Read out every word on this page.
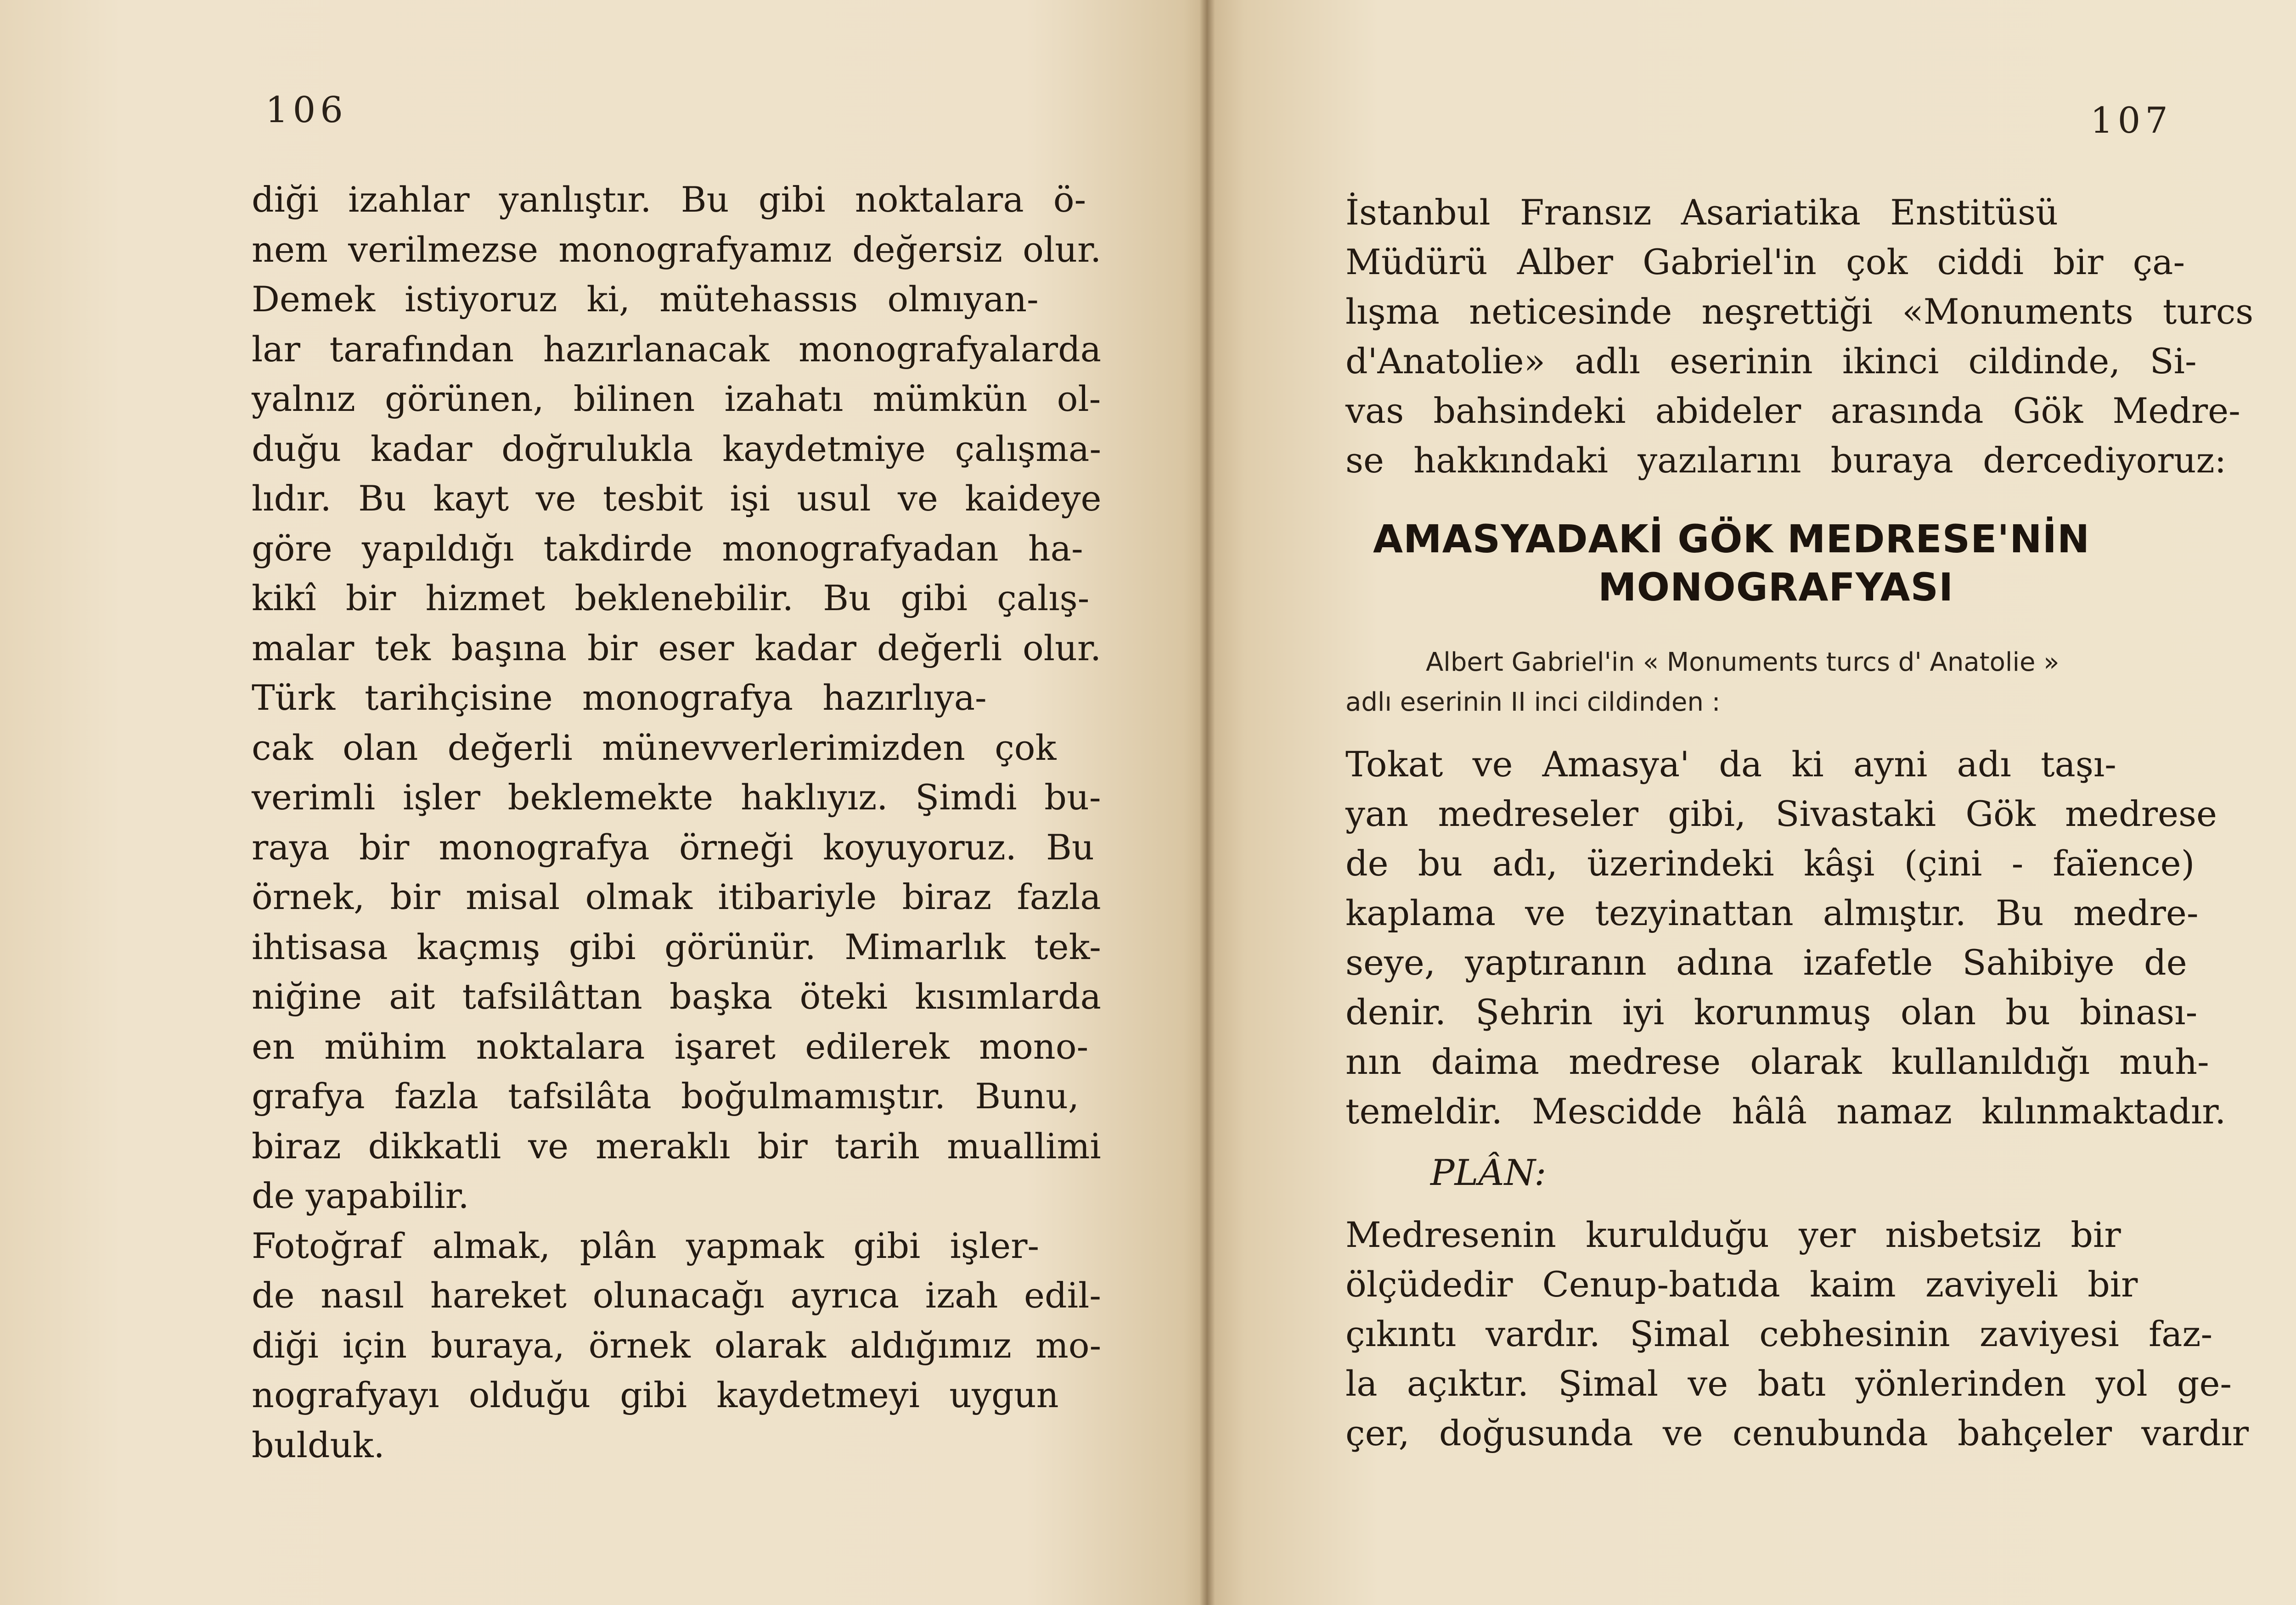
106
diği izahlar yanlıştır. Bu gibi noktalara ö-
nem verilmezse monografyamız değersiz olur.
Demek istiyoruz ki, mütehassıs olmıyan-
lar tarafından hazırlanacak monografyalarda
yalnız görünen, bilinen izahatı mümkün ol-
duğu kadar doğrulukla kaydetmiye çalışma-
lıdır. Bu kayt ve tesbit işi usul ve kaideye
göre yapıldığı takdirde monografyadan ha-
kikî bir hizmet beklenebilir. Bu gibi çalış-
malar tek başına bir eser kadar değerli olur.
Türk tarihçisine monografya hazırlıya-
cak olan değerli münevverlerimizden çok
verimli işler beklemekte haklıyız. Şimdi bu-
raya bir monografya örneği koyuyoruz. Bu
örnek, bir misal olmak itibariyle biraz fazla
ihtisasa kaçmış gibi görünür. Mimarlık tek-
niğine ait tafsilâttan başka öteki kısımlarda
en mühim noktalara işaret edilerek mono-
grafya fazla tafsilâta boğulmamıştır. Bunu,
biraz dikkatli ve meraklı bir tarih muallimi
de yapabilir.
Fotoğraf almak, plân yapmak gibi işler-
de nasıl hareket olunacağı ayrıca izah edil-
diği için buraya, örnek olarak aldığımız mo-
nografyayı olduğu gibi kaydetmeyi uygun
bulduk.
107
İstanbul Fransız Asariatika Enstitüsü
Müdürü Alber Gabriel'in çok ciddi bir ça-
lışma neticesinde neşrettiği «Monuments turcs
d'Anatolie» adlı eserinin ikinci cildinde, Si-
vas bahsindeki abideler arasında Gök Medre-
se hakkındaki yazılarını buraya dercediyoruz:
AMASYADAKİ GÖK MEDRESE'NİN
MONOGRAFYASI
Albert Gabriel'in « Monuments turcs d' Anatolie »
adlı eserinin II inci cildinden :
Tokat ve Amasya' da ki ayni adı taşı-
yan medreseler gibi, Sivastaki Gök medrese
de bu adı, üzerindeki kâşi (çini - faïence)
kaplama ve tezyinattan almıştır. Bu medre-
seye, yaptıranın adına izafetle Sahibiye de
denir. Şehrin iyi korunmuş olan bu binası-
nın daima medrese olarak kullanıldığı muh-
temeldir. Mescidde hâlâ namaz kılınmaktadır.
PLÂN:
Medresenin kurulduğu yer nisbetsiz bir
ölçüdedir Cenup-batıda kaim zaviyeli bir
çıkıntı vardır. Şimal cebhesinin zaviyesi faz-
la açıktır. Şimal ve batı yönlerinden yol ge-
çer, doğusunda ve cenubunda bahçeler vardır
